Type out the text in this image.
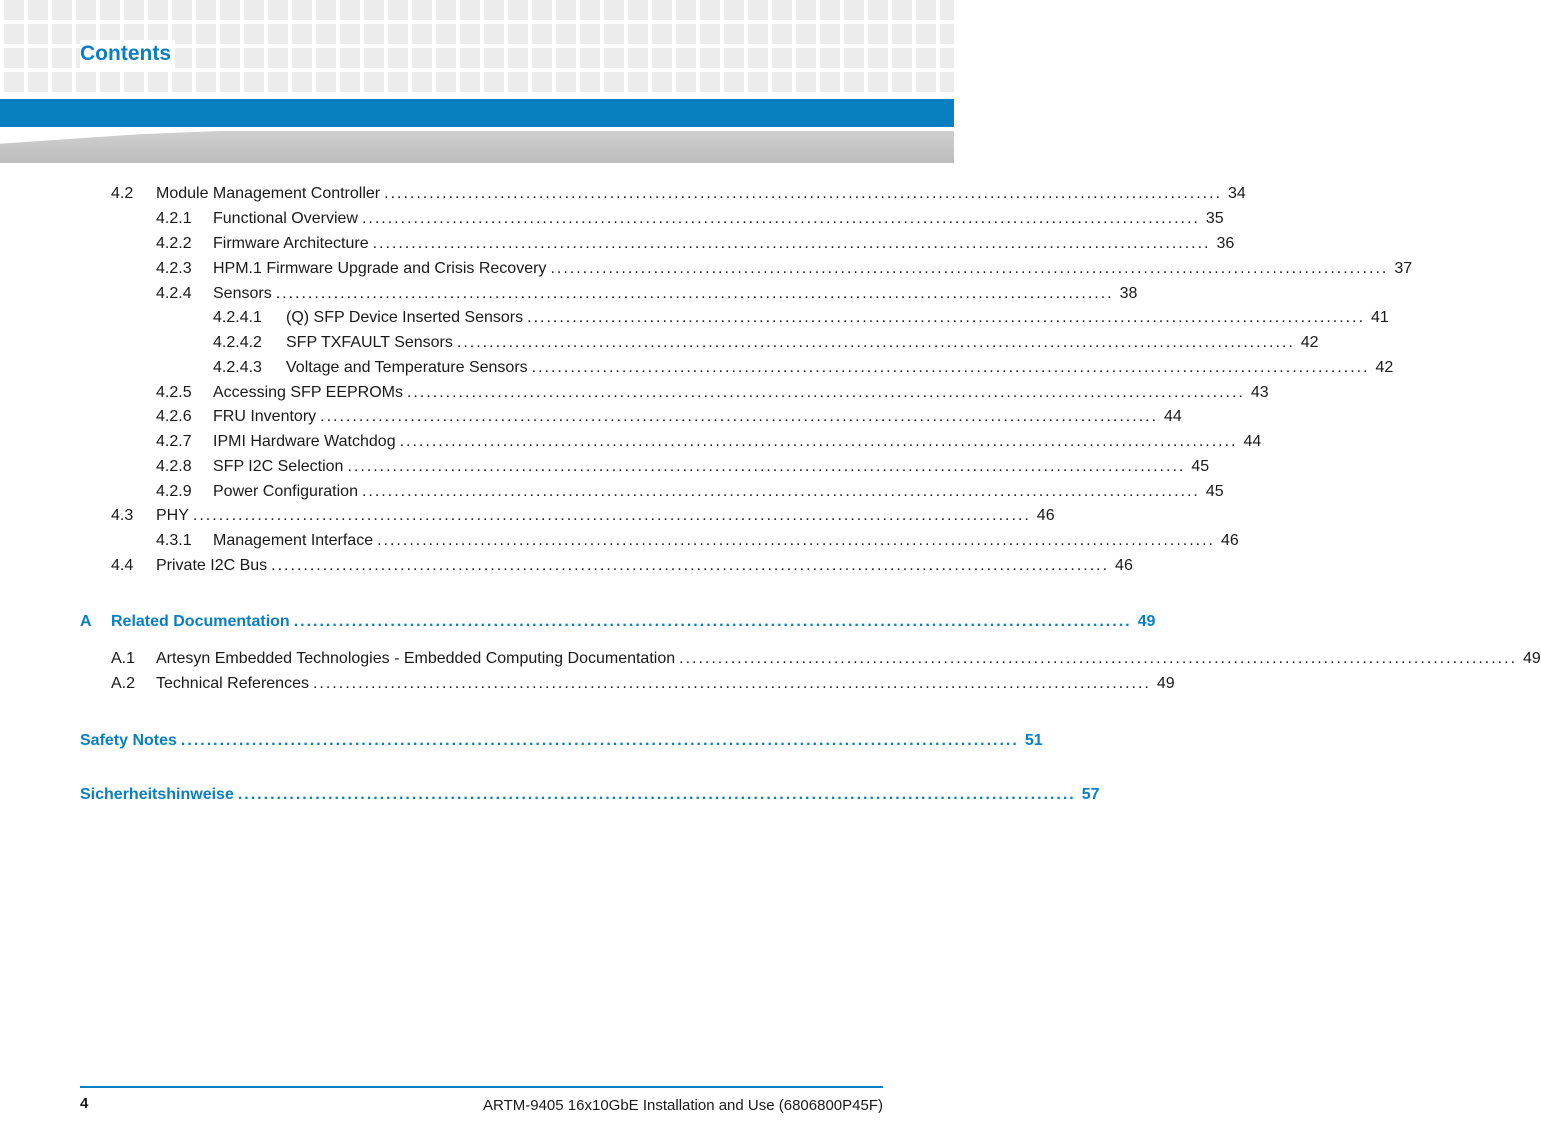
Contents
4.2	Module Management Controller .................................................................................................................................. 34
4.2.1	Functional Overview .................................................................................................................................. 35
4.2.2	Firmware Architecture .................................................................................................................................. 36
4.2.3	HPM.1 Firmware Upgrade and Crisis Recovery .................................................................................................................................. 37
4.2.4	Sensors .................................................................................................................................. 38
4.2.4.1	(Q) SFP Device Inserted Sensors .................................................................................................................................. 41
4.2.4.2	SFP TXFAULT Sensors .................................................................................................................................. 42
4.2.4.3	Voltage and Temperature Sensors .................................................................................................................................. 42
4.2.5	Accessing SFP EEPROMs .................................................................................................................................. 43
4.2.6	FRU Inventory .................................................................................................................................. 44
4.2.7	IPMI Hardware Watchdog .................................................................................................................................. 44
4.2.8	SFP I2C Selection .................................................................................................................................. 45
4.2.9	Power Configuration .................................................................................................................................. 45
4.3	PHY .................................................................................................................................. 46
4.3.1	Management Interface .................................................................................................................................. 46
4.4	Private I2C Bus .................................................................................................................................. 46
A	Related Documentation .................................................................................................................................. 49
A.1	Artesyn Embedded Technologies - Embedded Computing Documentation .................................................................................................................................. 49
A.2	Technical References .................................................................................................................................. 49
Safety Notes .................................................................................................................................. 51
Sicherheitshinweise .................................................................................................................................. 57
4	ARTM-9405 16x10GbE Installation and Use (6806800P45F)
